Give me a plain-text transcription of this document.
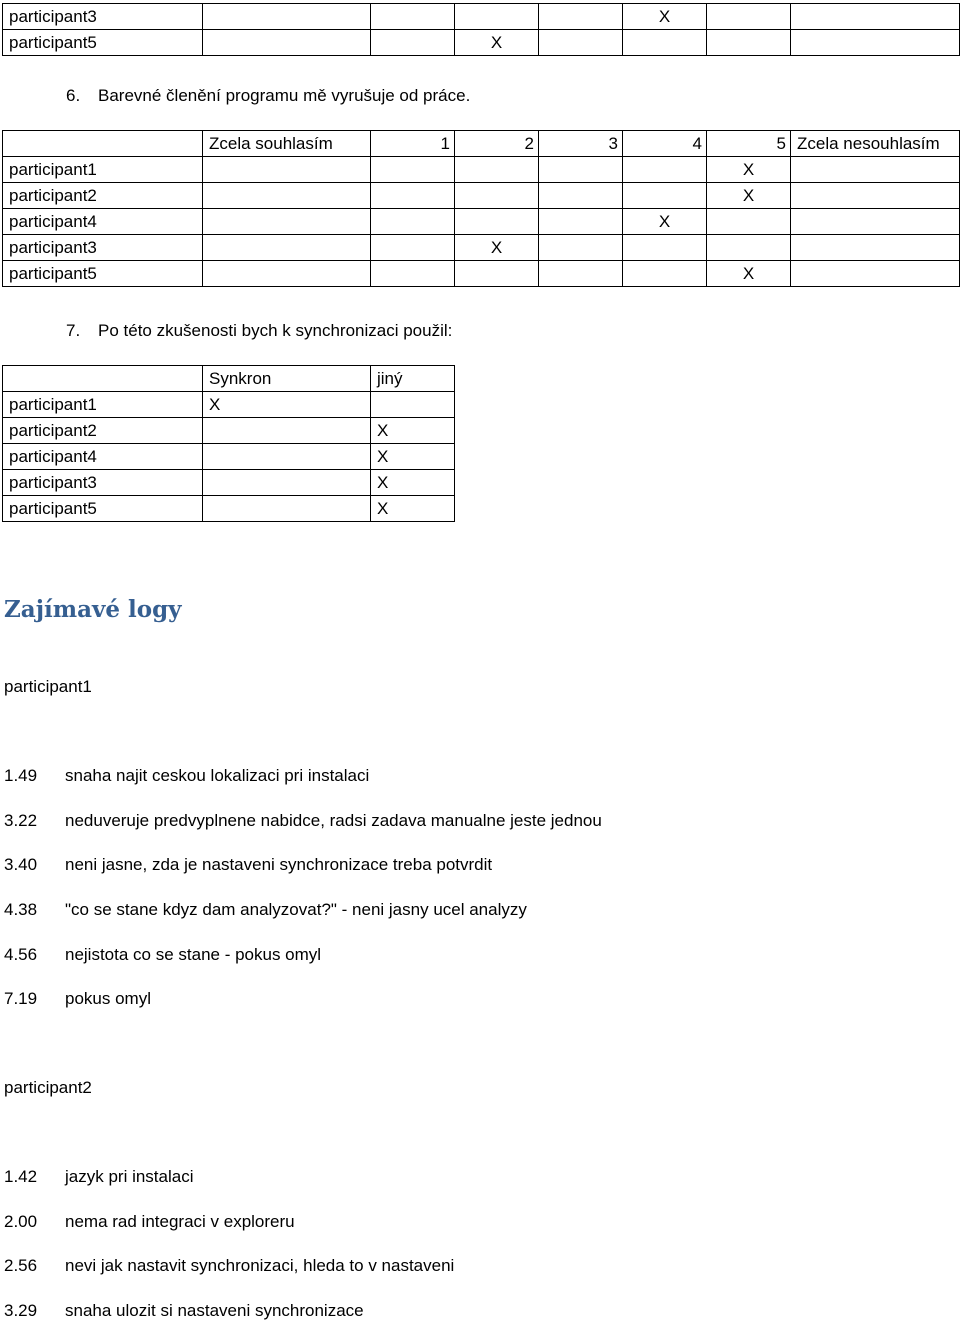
participant3					X		
participant5			X				
6. Barevné členění programu mě vyrušuje od práce.
	Zcela souhlasím	1	2	3	4	5	Zcela nesouhlasím
participant1						X	
participant2						X	
participant4					X		
participant3			X				
participant5						X	
7. Po této zkušenosti bych k synchronizaci použil:
	Synkron	jiný
participant1	X	
participant2		X
participant4		X
participant3		X
participant5		X
Zajímavé logy
participant1
1.49 snaha najit ceskou lokalizaci pri instalaci
3.22 neduveruje predvyplnene nabidce, radsi zadava manualne jeste jednou
3.40 neni jasne, zda je nastaveni synchronizace treba potvrdit
4.38 "co se stane kdyz dam analyzovat?" - neni jasny ucel analyzy
4.56 nejistota co se stane - pokus omyl
7.19 pokus omyl
participant2
1.42 jazyk pri instalaci
2.00 nema rad integraci v exploreru
2.56 nevi jak nastavit synchronizaci, hleda to v nastaveni
3.29 snaha ulozit si nastaveni synchronizace
